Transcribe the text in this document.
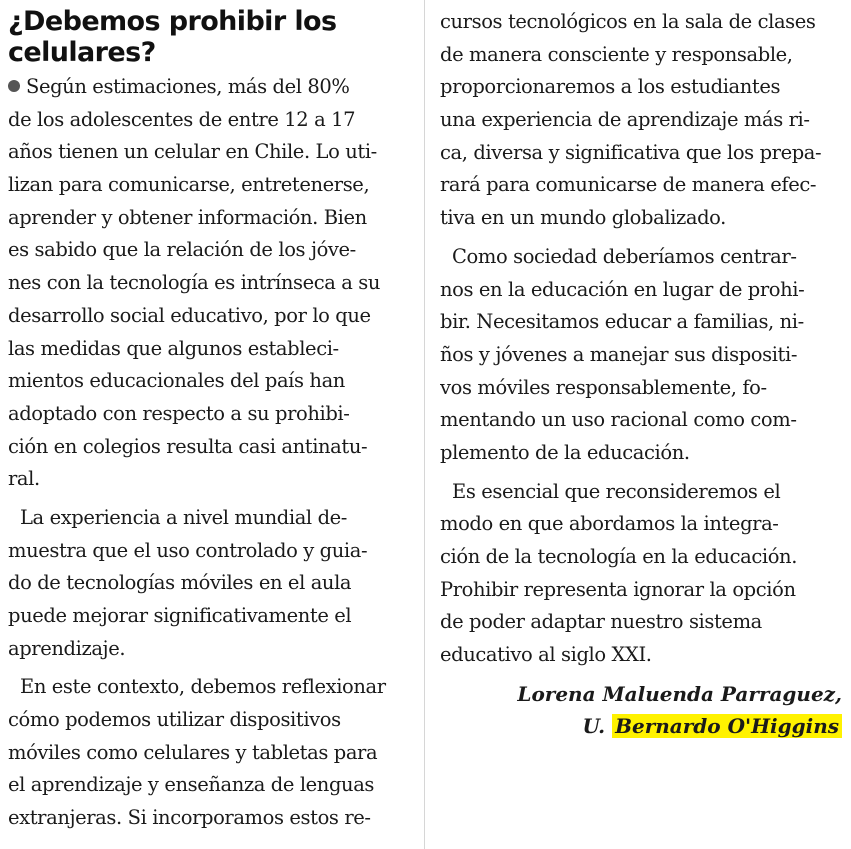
¿Debemos prohibir los
celulares?
Según estimaciones, más del 80%
de los adolescentes de entre 12 a 17
años tienen un celular en Chile. Lo uti-
lizan para comunicarse, entretenerse,
aprender y obtener información. Bien
es sabido que la relación de los jóve-
nes con la tecnología es intrínseca a su
desarrollo social educativo, por lo que
las medidas que algunos estableci-
mientos educacionales del país han
adoptado con respecto a su prohibi-
ción en colegios resulta casi antinatu-
ral.
La experiencia a nivel mundial de-
muestra que el uso controlado y guia-
do de tecnologías móviles en el aula
puede mejorar significativamente el
aprendizaje.
En este contexto, debemos reflexionar
cómo podemos utilizar dispositivos
móviles como celulares y tabletas para
el aprendizaje y enseñanza de lenguas
extranjeras. Si incorporamos estos re-
cursos tecnológicos en la sala de clases
de manera consciente y responsable,
proporcionaremos a los estudiantes
una experiencia de aprendizaje más ri-
ca, diversa y significativa que los prepa-
rará para comunicarse de manera efec-
tiva en un mundo globalizado.
Como sociedad deberíamos centrar-
nos en la educación en lugar de prohi-
bir. Necesitamos educar a familias, ni-
ños y jóvenes a manejar sus dispositi-
vos móviles responsablemente, fo-
mentando un uso racional como com-
plemento de la educación.
Es esencial que reconsideremos el
modo en que abordamos la integra-
ción de la tecnología en la educación.
Prohibir representa ignorar la opción
de poder adaptar nuestro sistema
educativo al siglo XXI.
Lorena Maluenda Parraguez,
U. Bernardo O'Higgins
